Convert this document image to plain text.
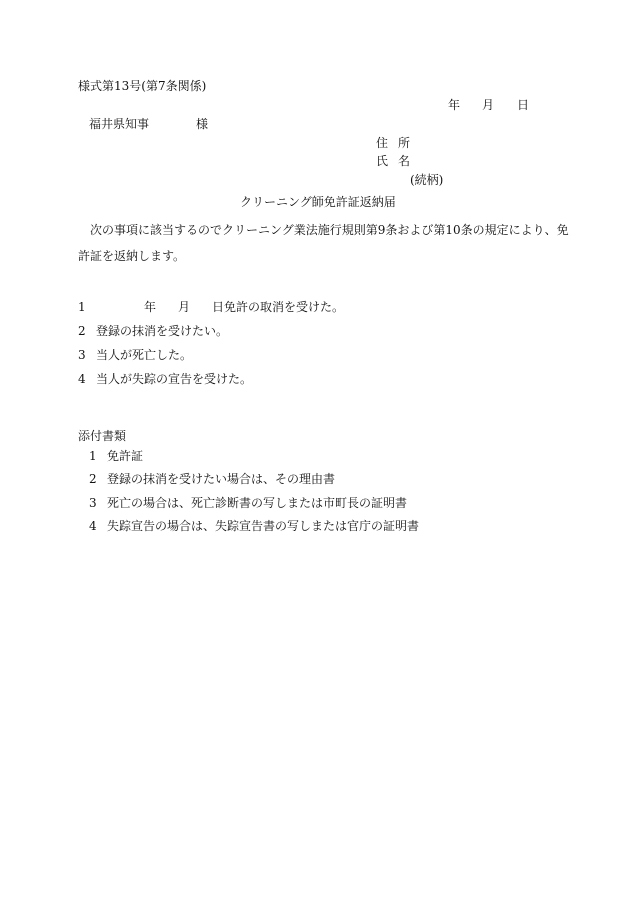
様式第13号(第7条関係)
年 月 日
福井県知事	様
住 所
氏 名
(続柄)
クリーニング師免許証返納届
次の事項に該当するのでクリーニング業法施行規則第9条および第10条の規定により、免
許証を返納します。
1	年 月 日免許の取消を受けた。
2 登録の抹消を受けたい。
3 当人が死亡した。
4 当人が失踪の宣告を受けた。
添付書類
1 免許証
2 登録の抹消を受けたい場合は、その理由書
3 死亡の場合は、死亡診断書の写しまたは市町長の証明書
4 失踪宣告の場合は、失踪宣告書の写しまたは官庁の証明書
